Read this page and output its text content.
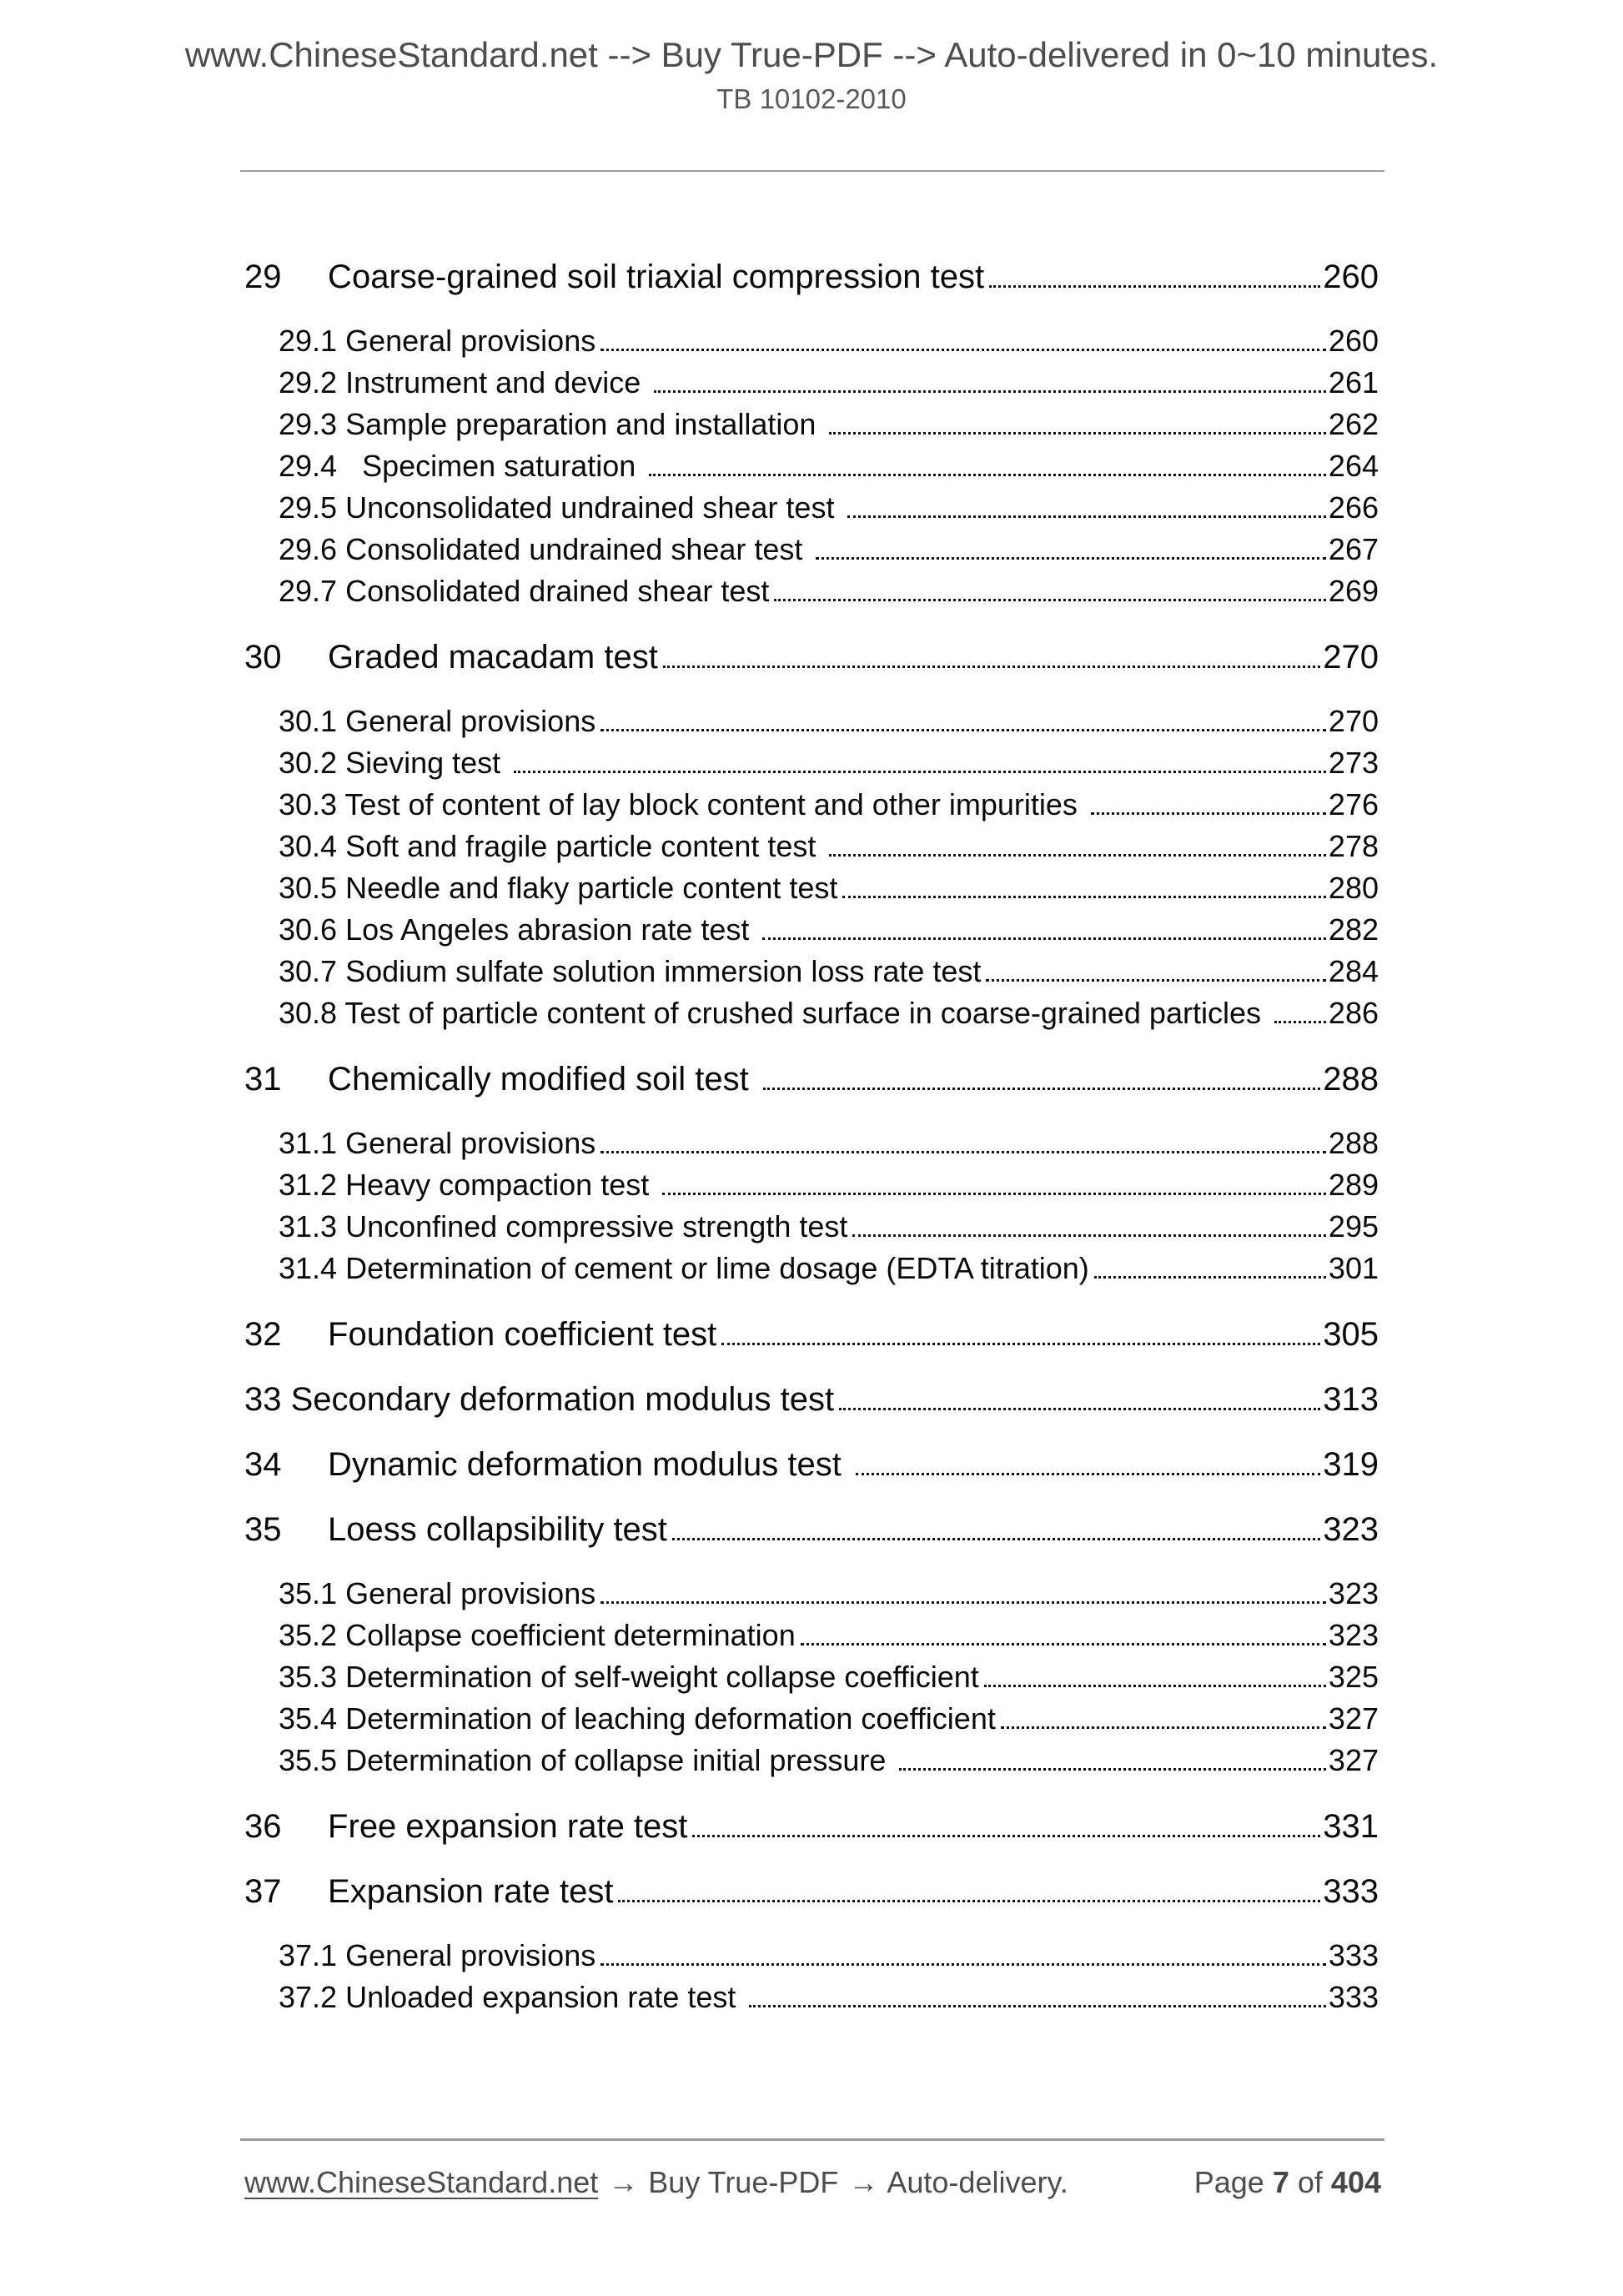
www.ChineseStandard.net --> Buy True-PDF --> Auto-delivered in 0~10 minutes.
TB 10102-2010
29     Coarse-grained soil triaxial compression test	260
29.1 General provisions	260
29.2 Instrument and device	261
29.3 Sample preparation and installation	262
29.4   Specimen saturation	264
29.5 Unconsolidated undrained shear test	266
29.6 Consolidated undrained shear test	267
29.7 Consolidated drained shear test	269
30     Graded macadam test	270
30.1 General provisions	270
30.2 Sieving test	273
30.3 Test of content of lay block content and other impurities	276
30.4 Soft and fragile particle content test	278
30.5 Needle and flaky particle content test	280
30.6 Los Angeles abrasion rate test	282
30.7 Sodium sulfate solution immersion loss rate test	284
30.8 Test of particle content of crushed surface in coarse-grained particles 286
31     Chemically modified soil test	288
31.1 General provisions	288
31.2 Heavy compaction test	289
31.3 Unconfined compressive strength test	295
31.4 Determination of cement or lime dosage (EDTA titration)	301
32     Foundation coefficient test	305
33 Secondary deformation modulus test	313
34     Dynamic deformation modulus test	319
35     Loess collapsibility test	323
35.1 General provisions	323
35.2 Collapse coefficient determination	323
35.3 Determination of self-weight collapse coefficient	325
35.4 Determination of leaching deformation coefficient	327
35.5 Determination of collapse initial pressure	327
36     Free expansion rate test	331
37     Expansion rate test	333
37.1 General provisions	333
37.2 Unloaded expansion rate test	333
www.ChineseStandard.net → Buy True-PDF → Auto-delivery.	Page 7 of 404
